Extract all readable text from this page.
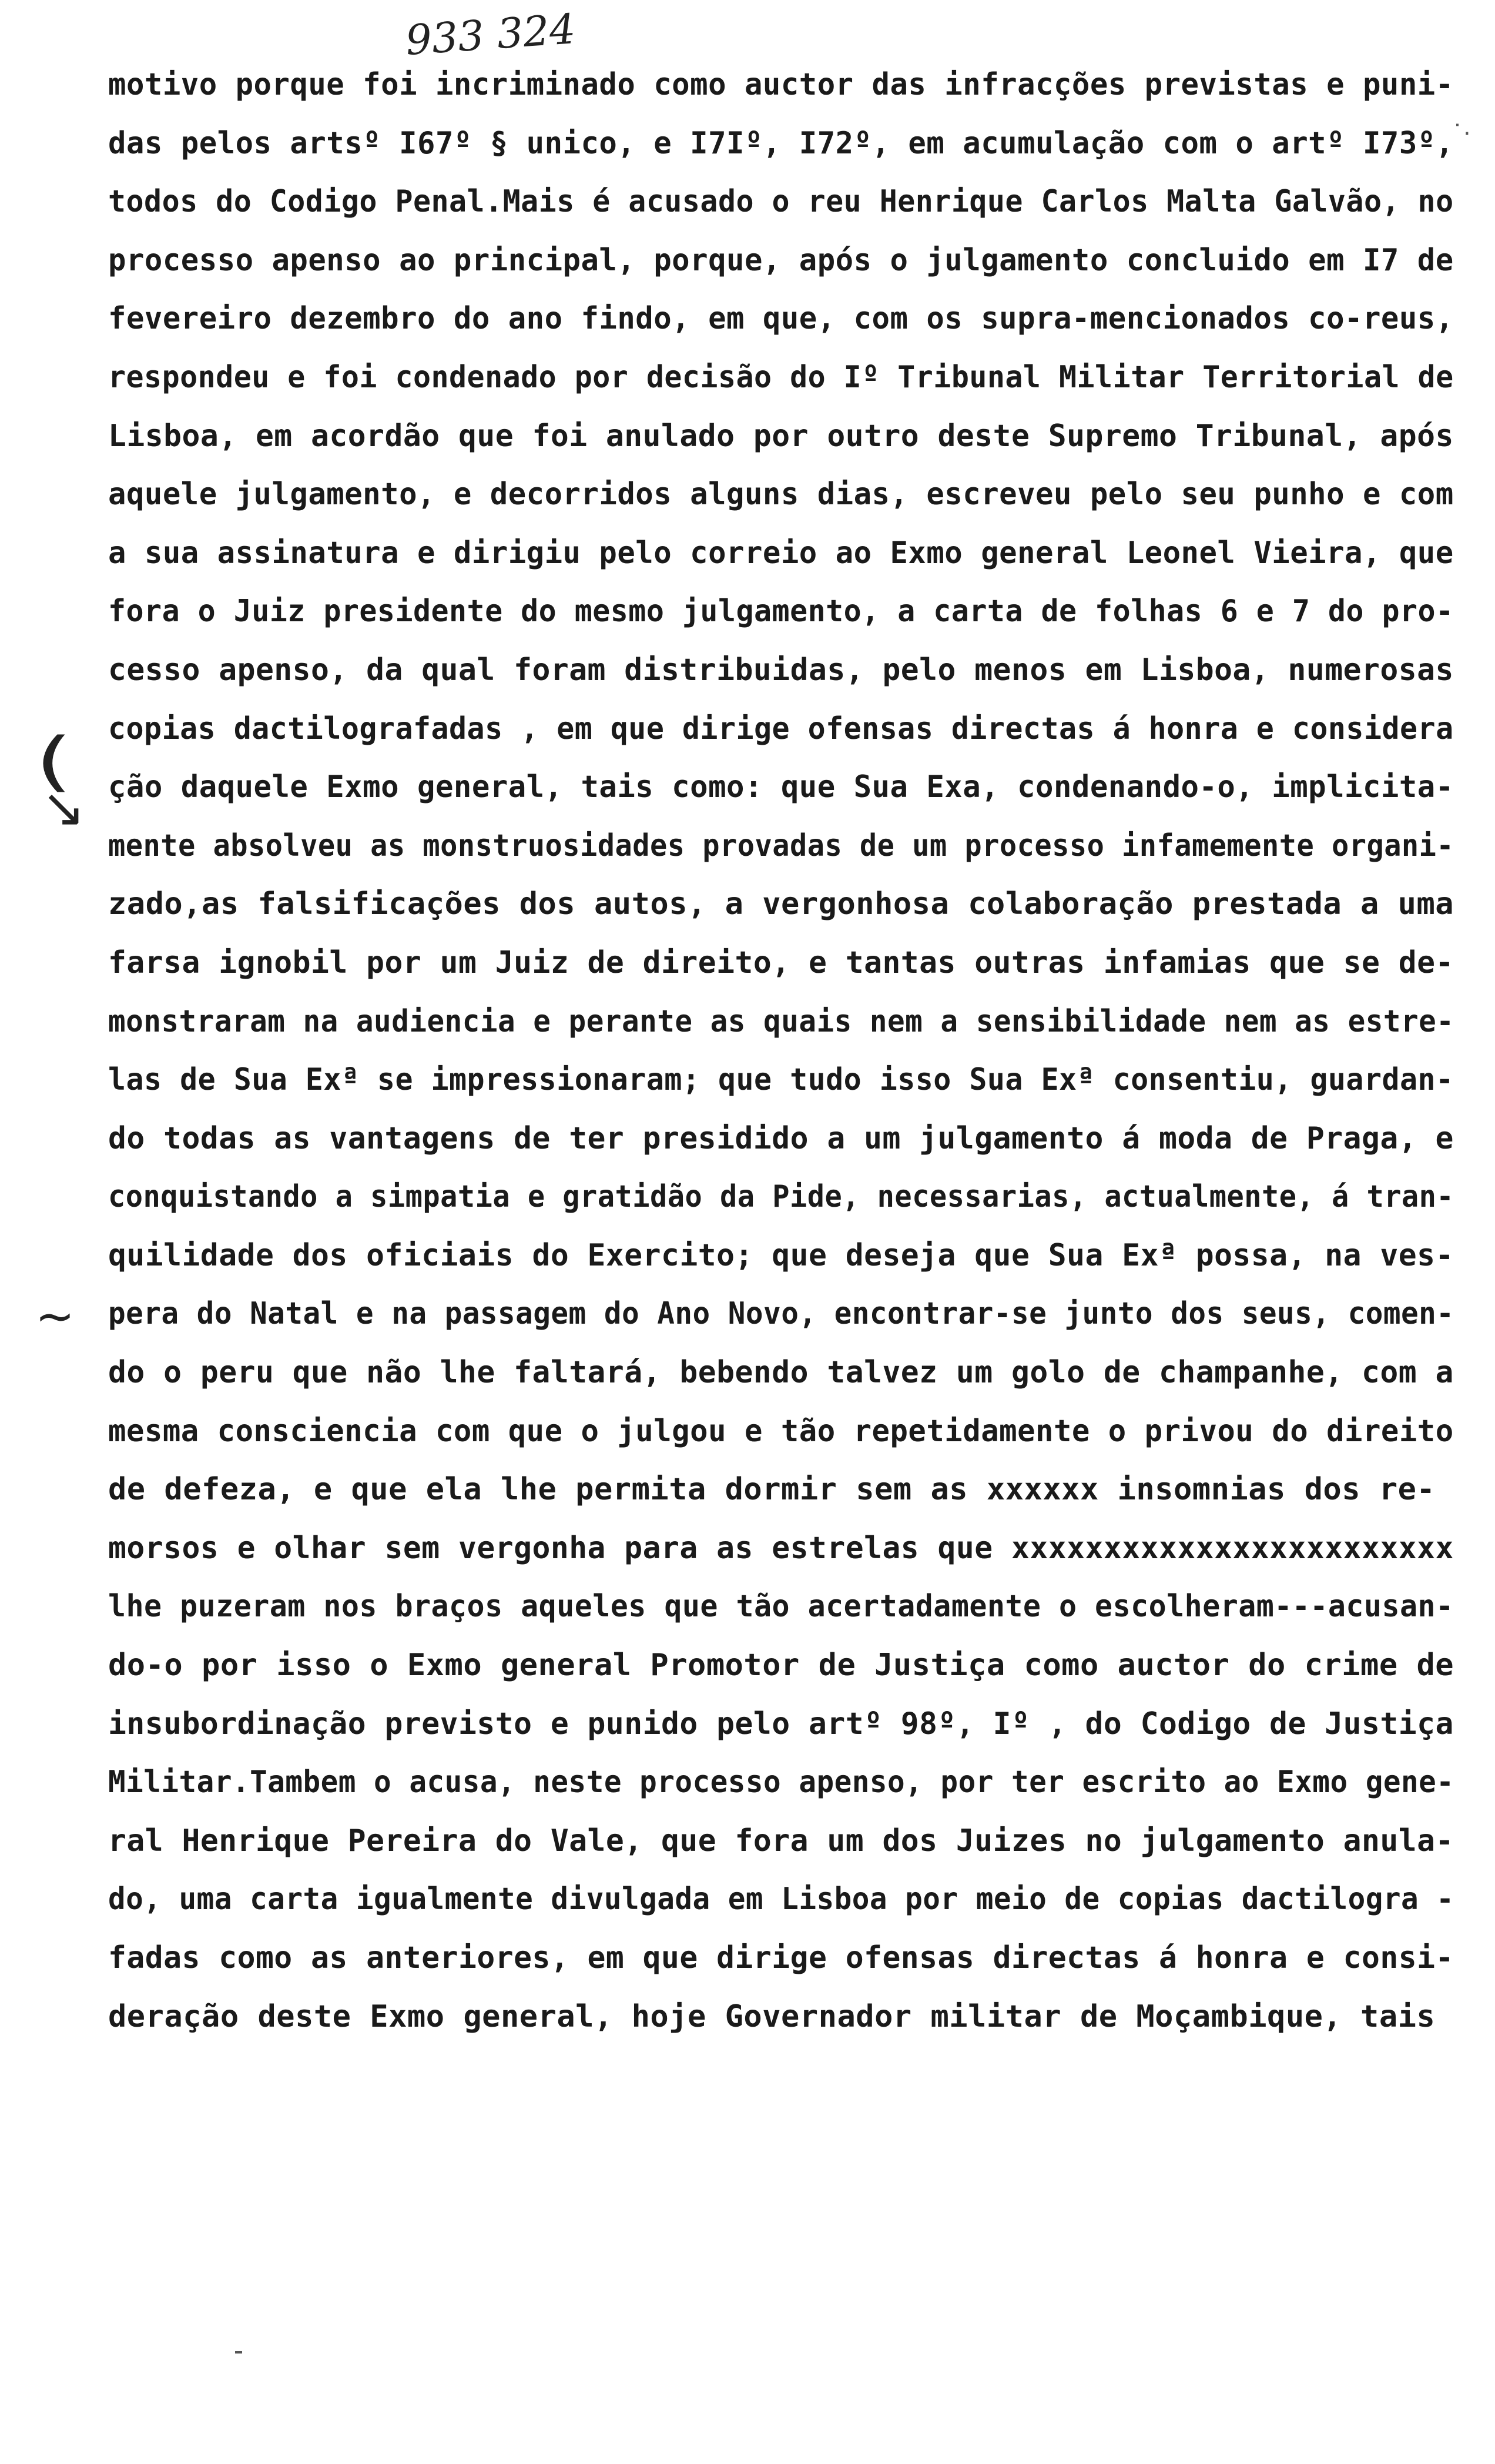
933 324
˙·
(
↘
~
motivo porque foi incriminado como auctor das infracções previstas e puni-
das pelos artsº I67º § unico, e I7Iº, I72º, em acumulação com o artº I73º,
todos do Codigo Penal.Mais é acusado o reu Henrique Carlos Malta Galvão, no
processo apenso ao principal, porque, após o julgamento concluido em I7 de
fevereiro dezembro do ano findo, em que, com os supra-mencionados co-reus,
respondeu e foi condenado por decisão do Iº Tribunal Militar Territorial de
Lisboa, em acordão que foi anulado por outro deste Supremo Tribunal, após
aquele julgamento, e decorridos alguns dias, escreveu pelo seu punho e com
a sua assinatura e dirigiu pelo correio ao Exmo general Leonel Vieira, que
fora o Juiz presidente do mesmo julgamento, a carta de folhas 6 e 7 do pro-
cesso apenso, da qual foram distribuidas, pelo menos em Lisboa, numerosas
copias dactilografadas , em que dirige ofensas directas á honra e considera
ção daquele Exmo general, tais como: que Sua Exa, condenando-o, implicita-
mente absolveu as monstruosidades provadas de um processo infamemente organi-
zado,as falsificações dos autos, a vergonhosa colaboração prestada a uma
farsa ignobil por um Juiz de direito, e tantas outras infamias que se de-
monstraram na audiencia e perante as quais nem a sensibilidade nem as estre-
las de Sua Exª se impressionaram; que tudo isso Sua Exª consentiu, guardan-
do todas as vantagens de ter presidido a um julgamento á moda de Praga, e
conquistando a simpatia e gratidão da Pide, necessarias, actualmente, á tran-
quilidade dos oficiais do Exercito; que deseja que Sua Exª possa, na ves-
pera do Natal e na passagem do Ano Novo, encontrar-se junto dos seus, comen-
do o peru que não lhe faltará, bebendo talvez um golo de champanhe, com a
mesma consciencia com que o julgou e tão repetidamente o privou do direito
de defeza, e que ela lhe permita dormir sem as xxxxxx insomnias dos re-
morsos e olhar sem vergonha para as estrelas que xxxxxxxxxxxxxxxxxxxxxxxx
lhe puzeram nos braços aqueles que tão acertadamente o escolheram---acusan-
do-o por isso o Exmo general Promotor de Justiça como auctor do crime de
insubordinação previsto e punido pelo artº 98º, Iº , do Codigo de Justiça
Militar.Tambem o acusa, neste processo apenso, por ter escrito ao Exmo gene-
ral Henrique Pereira do Vale, que fora um dos Juizes no julgamento anula-
do, uma carta igualmente divulgada em Lisboa por meio de copias dactilogra -
fadas como as anteriores, em que dirige ofensas directas á honra e consi-
deração deste Exmo general, hoje Governador militar de Moçambique, tais
